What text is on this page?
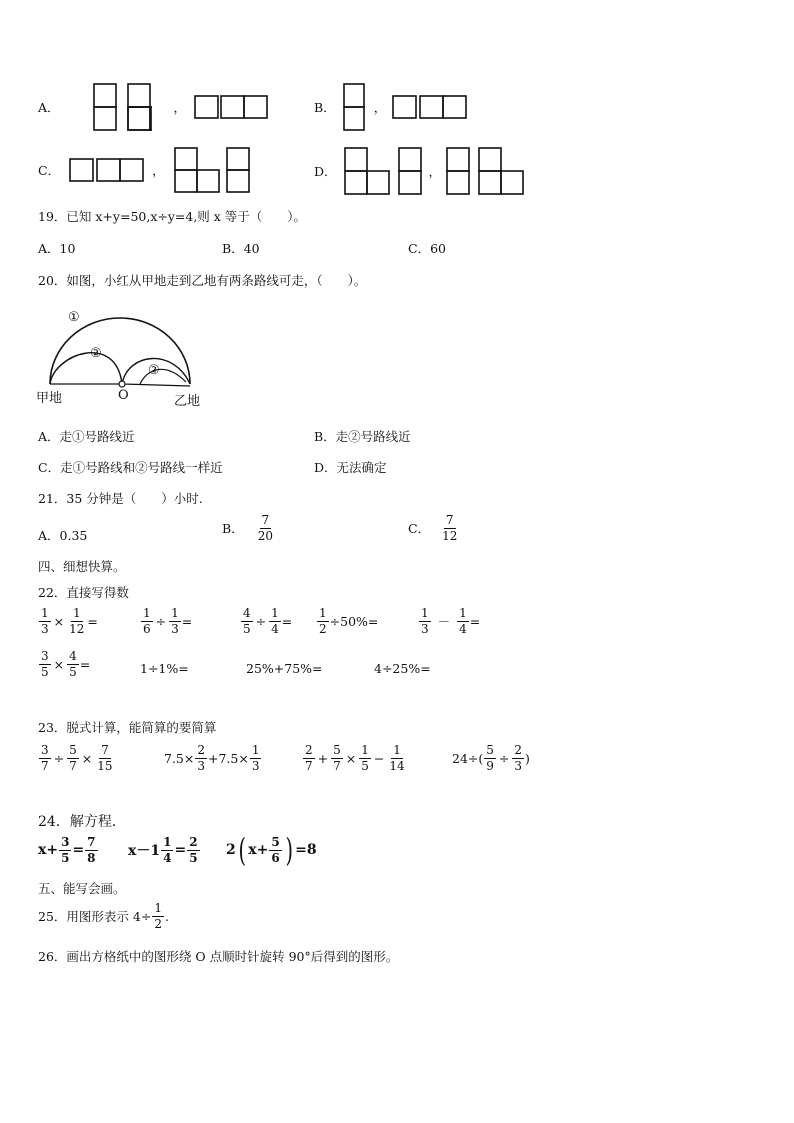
A．	，	B．	，
C．	，	D．	，
19．已知 x+y=50,x÷y=4,则 x 等于（　　）。
A．10	B．40	C．60
20．如图，小红从甲地走到乙地有两条路线可走，（　　）。
①
②
②
甲地	O	乙地
A．走①号路线近	B．走②号路线近
C．走①号路线和②号路线一样近	D．无法确定
21．35 分钟是（　　）小时.
A．0.35	B． $\frac{7}{20}$	C． $\frac{7}{12}$
四、细想快算。
22．直接写得数
$\frac{1}{3} \times \frac{1}{12}$ =	$\frac{1}{6} \div \frac{1}{3}$ =	$\frac{4}{5} \div \frac{1}{4} = \frac{1}{2} \div 50\%=$	$\frac{1}{3} - \frac{1}{4}$ =
$\frac{3}{5} \times \frac{4}{5}$ =	1÷1%=	25%+75%=	4÷25%=
23．脱式计算，能简算的要简算
$\frac{3}{7} \div \frac{5}{7} \times \frac{7}{15}$	$7.5\times \frac{2}{3} +7.5\times \frac{1}{3}$	$\frac{2}{7} + \frac{5}{7} \times \frac{1}{5} - \frac{1}{14}$	$24\div( \frac{5}{9} \div \frac{2}{3}$ )
24．解方程．
$x+ \frac{3}{5} = \frac{7}{8} x-1 \frac{1}{4} = \frac{2}{5} 2$ ( $x+ \frac{5}{6}$ ) =8
五、能写会画。
25．用图形表示 $4\div \frac{1}{2}$ .
26．画出方格纸中的图形绕 O 点顺时针旋转 90°后得到的图形。
